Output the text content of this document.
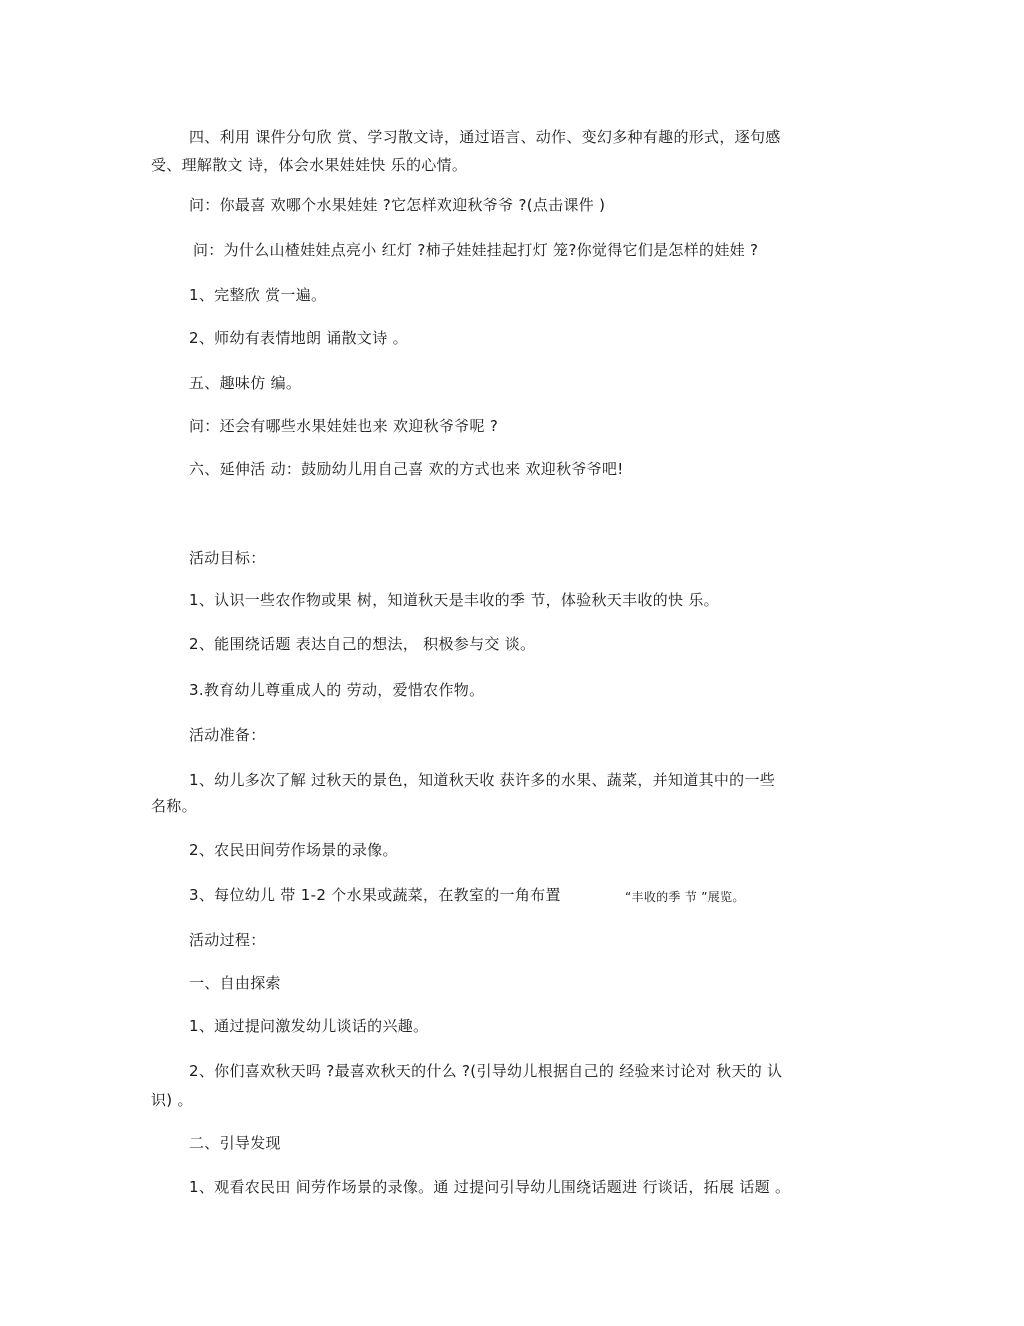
四、利用 课件分句欣 赏、学习散文诗，通过语言、动作、变幻多种有趣的形式，逐句感
受、理解散文 诗，体会水果娃娃快 乐的心情。
问：你最喜 欢哪个水果娃娃 ?它怎样欢迎秋爷爷 ?(点击课件 )
问：为什么山楂娃娃点亮小 红灯 ?柿子娃娃挂起打灯 笼?你觉得它们是怎样的娃娃 ?
1、完整欣 赏一遍。
2、师幼有表情地朗 诵散文诗 。
五、趣味仿 编。
问：还会有哪些水果娃娃也来 欢迎秋爷爷呢 ?
六、延伸活 动：鼓励幼儿用自己喜 欢的方式也来 欢迎秋爷爷吧!
活动目标：
1、认识一些农作物或果 树，知道秋天是丰收的季 节，体验秋天丰收的快 乐。
2、能围绕话题 表达自己的想法， 积极参与交 谈。
3.教育幼儿尊重成人的 劳动，爱惜农作物。
活动准备：
1、幼儿多次了解 过秋天的景色，知道秋天收 获许多的水果、蔬菜，并知道其中的一些
名称。
2、农民田间劳作场景的录像。
3、每位幼儿 带 1-2 个水果或蔬菜，在教室的一角布置	“丰收的季 节 ”展览。
活动过程：
一、自由探索
1、通过提问激发幼儿谈话的兴趣。
2、你们喜欢秋天吗 ?最喜欢秋天的什么 ?(引导幼儿根据自己的 经验来讨论对 秋天的 认
识) 。
二、引导发现
1、观看农民田 间劳作场景的录像。通 过提问引导幼儿围绕话题进 行谈话，拓展 话题 。
